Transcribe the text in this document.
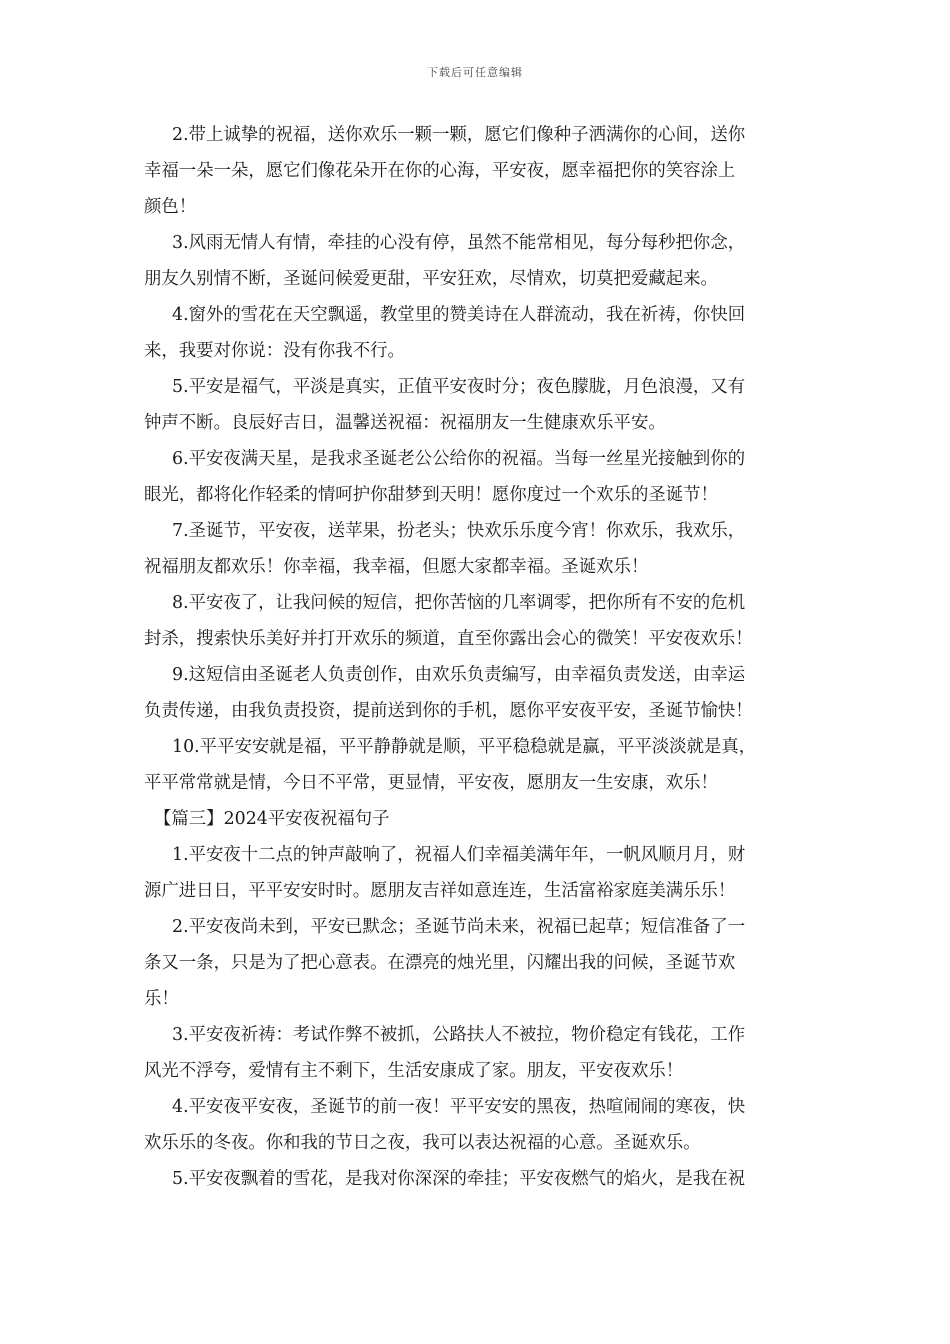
下载后可任意编辑
2.带上诚挚的祝福，送你欢乐一颗一颗，愿它们像种子洒满你的心间，送你
幸福一朵一朵，愿它们像花朵开在你的心海，平安夜，愿幸福把你的笑容涂上
颜色！
3.风雨无情人有情，牵挂的心没有停，虽然不能常相见，每分每秒把你念，
朋友久别情不断，圣诞问候爱更甜，平安狂欢，尽情欢，切莫把爱藏起来。
4.窗外的雪花在天空飘遥，教堂里的赞美诗在人群流动，我在祈祷，你快回
来，我要对你说：没有你我不行。
5.平安是福气，平淡是真实，正值平安夜时分；夜色朦胧，月色浪漫，又有
钟声不断。良辰好吉日，温馨送祝福：祝福朋友一生健康欢乐平安。
6.平安夜满天星，是我求圣诞老公公给你的祝福。当每一丝星光接触到你的
眼光，都将化作轻柔的情呵护你甜梦到天明！愿你度过一个欢乐的圣诞节！
7.圣诞节，平安夜，送苹果，扮老头；快欢乐乐度今宵！你欢乐，我欢乐，
祝福朋友都欢乐！你幸福，我幸福，但愿大家都幸福。圣诞欢乐！
8.平安夜了，让我问候的短信，把你苦恼的几率调零，把你所有不安的危机
封杀，搜索快乐美好并打开欢乐的频道，直至你露出会心的微笑！平安夜欢乐！
9.这短信由圣诞老人负责创作，由欢乐负责编写，由幸福负责发送，由幸运
负责传递，由我负责投资，提前送到你的手机，愿你平安夜平安，圣诞节愉快！
10.平平安安就是福，平平静静就是顺，平平稳稳就是赢，平平淡淡就是真，
平平常常就是情，今日不平常，更显情，平安夜，愿朋友一生安康，欢乐！
【篇三】2024平安夜祝福句子
1.平安夜十二点的钟声敲响了，祝福人们幸福美满年年，一帆风顺月月，财
源广进日日，平平安安时时。愿朋友吉祥如意连连，生活富裕家庭美满乐乐！
2.平安夜尚未到，平安已默念；圣诞节尚未来，祝福已起草；短信准备了一
条又一条，只是为了把心意表。在漂亮的烛光里，闪耀出我的问候，圣诞节欢
乐！
3.平安夜祈祷：考试作弊不被抓，公路扶人不被拉，物价稳定有钱花，工作
风光不浮夸，爱情有主不剩下，生活安康成了家。朋友，平安夜欢乐！
4.平安夜平安夜，圣诞节的前一夜！平平安安的黑夜，热喧闹闹的寒夜，快
欢乐乐的冬夜。你和我的节日之夜，我可以表达祝福的心意。圣诞欢乐。
5.平安夜飘着的雪花，是我对你深深的牵挂；平安夜燃气的焰火，是我在祝
